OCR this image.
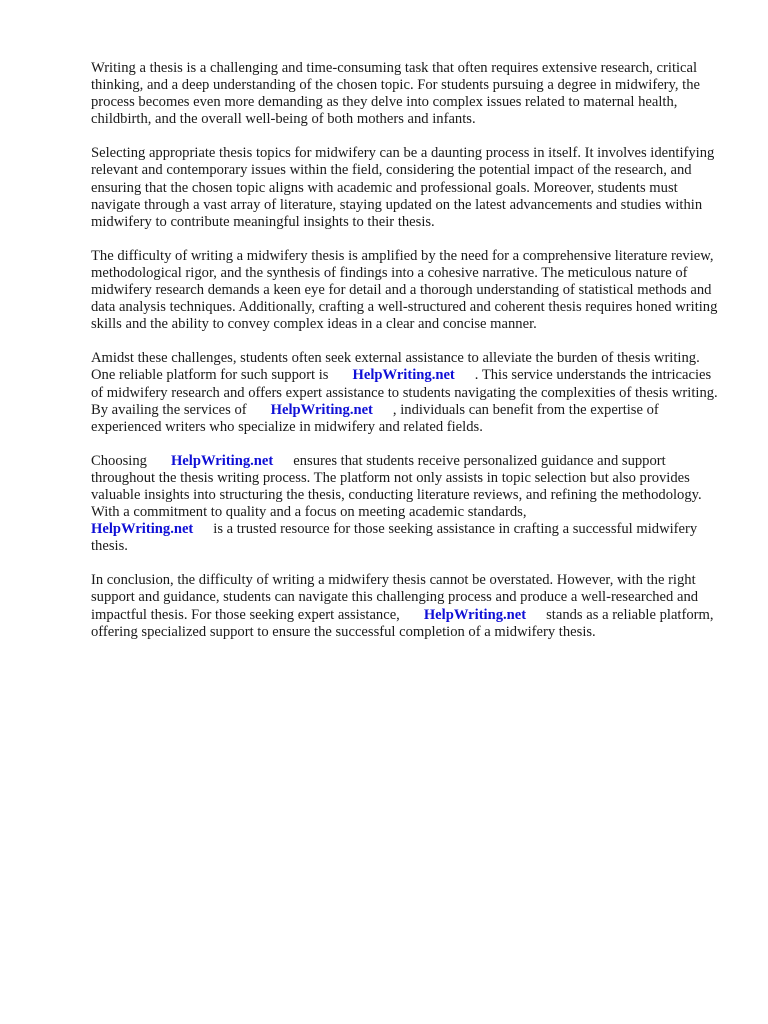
Writing a thesis is a challenging and time-consuming task that often requires extensive research, critical thinking, and a deep understanding of the chosen topic. For students pursuing a degree in midwifery, the process becomes even more demanding as they delve into complex issues related to maternal health, childbirth, and the overall well-being of both mothers and infants.

Selecting appropriate thesis topics for midwifery can be a daunting process in itself. It involves identifying relevant and contemporary issues within the field, considering the potential impact of the research, and ensuring that the chosen topic aligns with academic and professional goals. Moreover, students must navigate through a vast array of literature, staying updated on the latest advancements and studies within midwifery to contribute meaningful insights to their thesis.

The difficulty of writing a midwifery thesis is amplified by the need for a comprehensive literature review, methodological rigor, and the synthesis of findings into a cohesive narrative. The meticulous nature of midwifery research demands a keen eye for detail and a thorough understanding of statistical methods and data analysis techniques. Additionally, crafting a well-structured and coherent thesis requires honed writing skills and the ability to convey complex ideas in a clear and concise manner.

Amidst these challenges, students often seek external assistance to alleviate the burden of thesis writing. One reliable platform for such support is HelpWriting.net . This service understands the intricacies of midwifery research and offers expert assistance to students navigating the complexities of thesis writing. By availing the services of HelpWriting.net , individuals can benefit from the expertise of experienced writers who specialize in midwifery and related fields.

Choosing HelpWriting.net ensures that students receive personalized guidance and support throughout the thesis writing process. The platform not only assists in topic selection but also provides valuable insights into structuring the thesis, conducting literature reviews, and refining the methodology. With a commitment to quality and a focus on meeting academic standards,
HelpWriting.net is a trusted resource for those seeking assistance in crafting a successful midwifery thesis.

In conclusion, the difficulty of writing a midwifery thesis cannot be overstated. However, with the right support and guidance, students can navigate this challenging process and produce a well-researched and impactful thesis. For those seeking expert assistance, HelpWriting.net stands as a reliable platform, offering specialized support to ensure the successful completion of a midwifery thesis.
